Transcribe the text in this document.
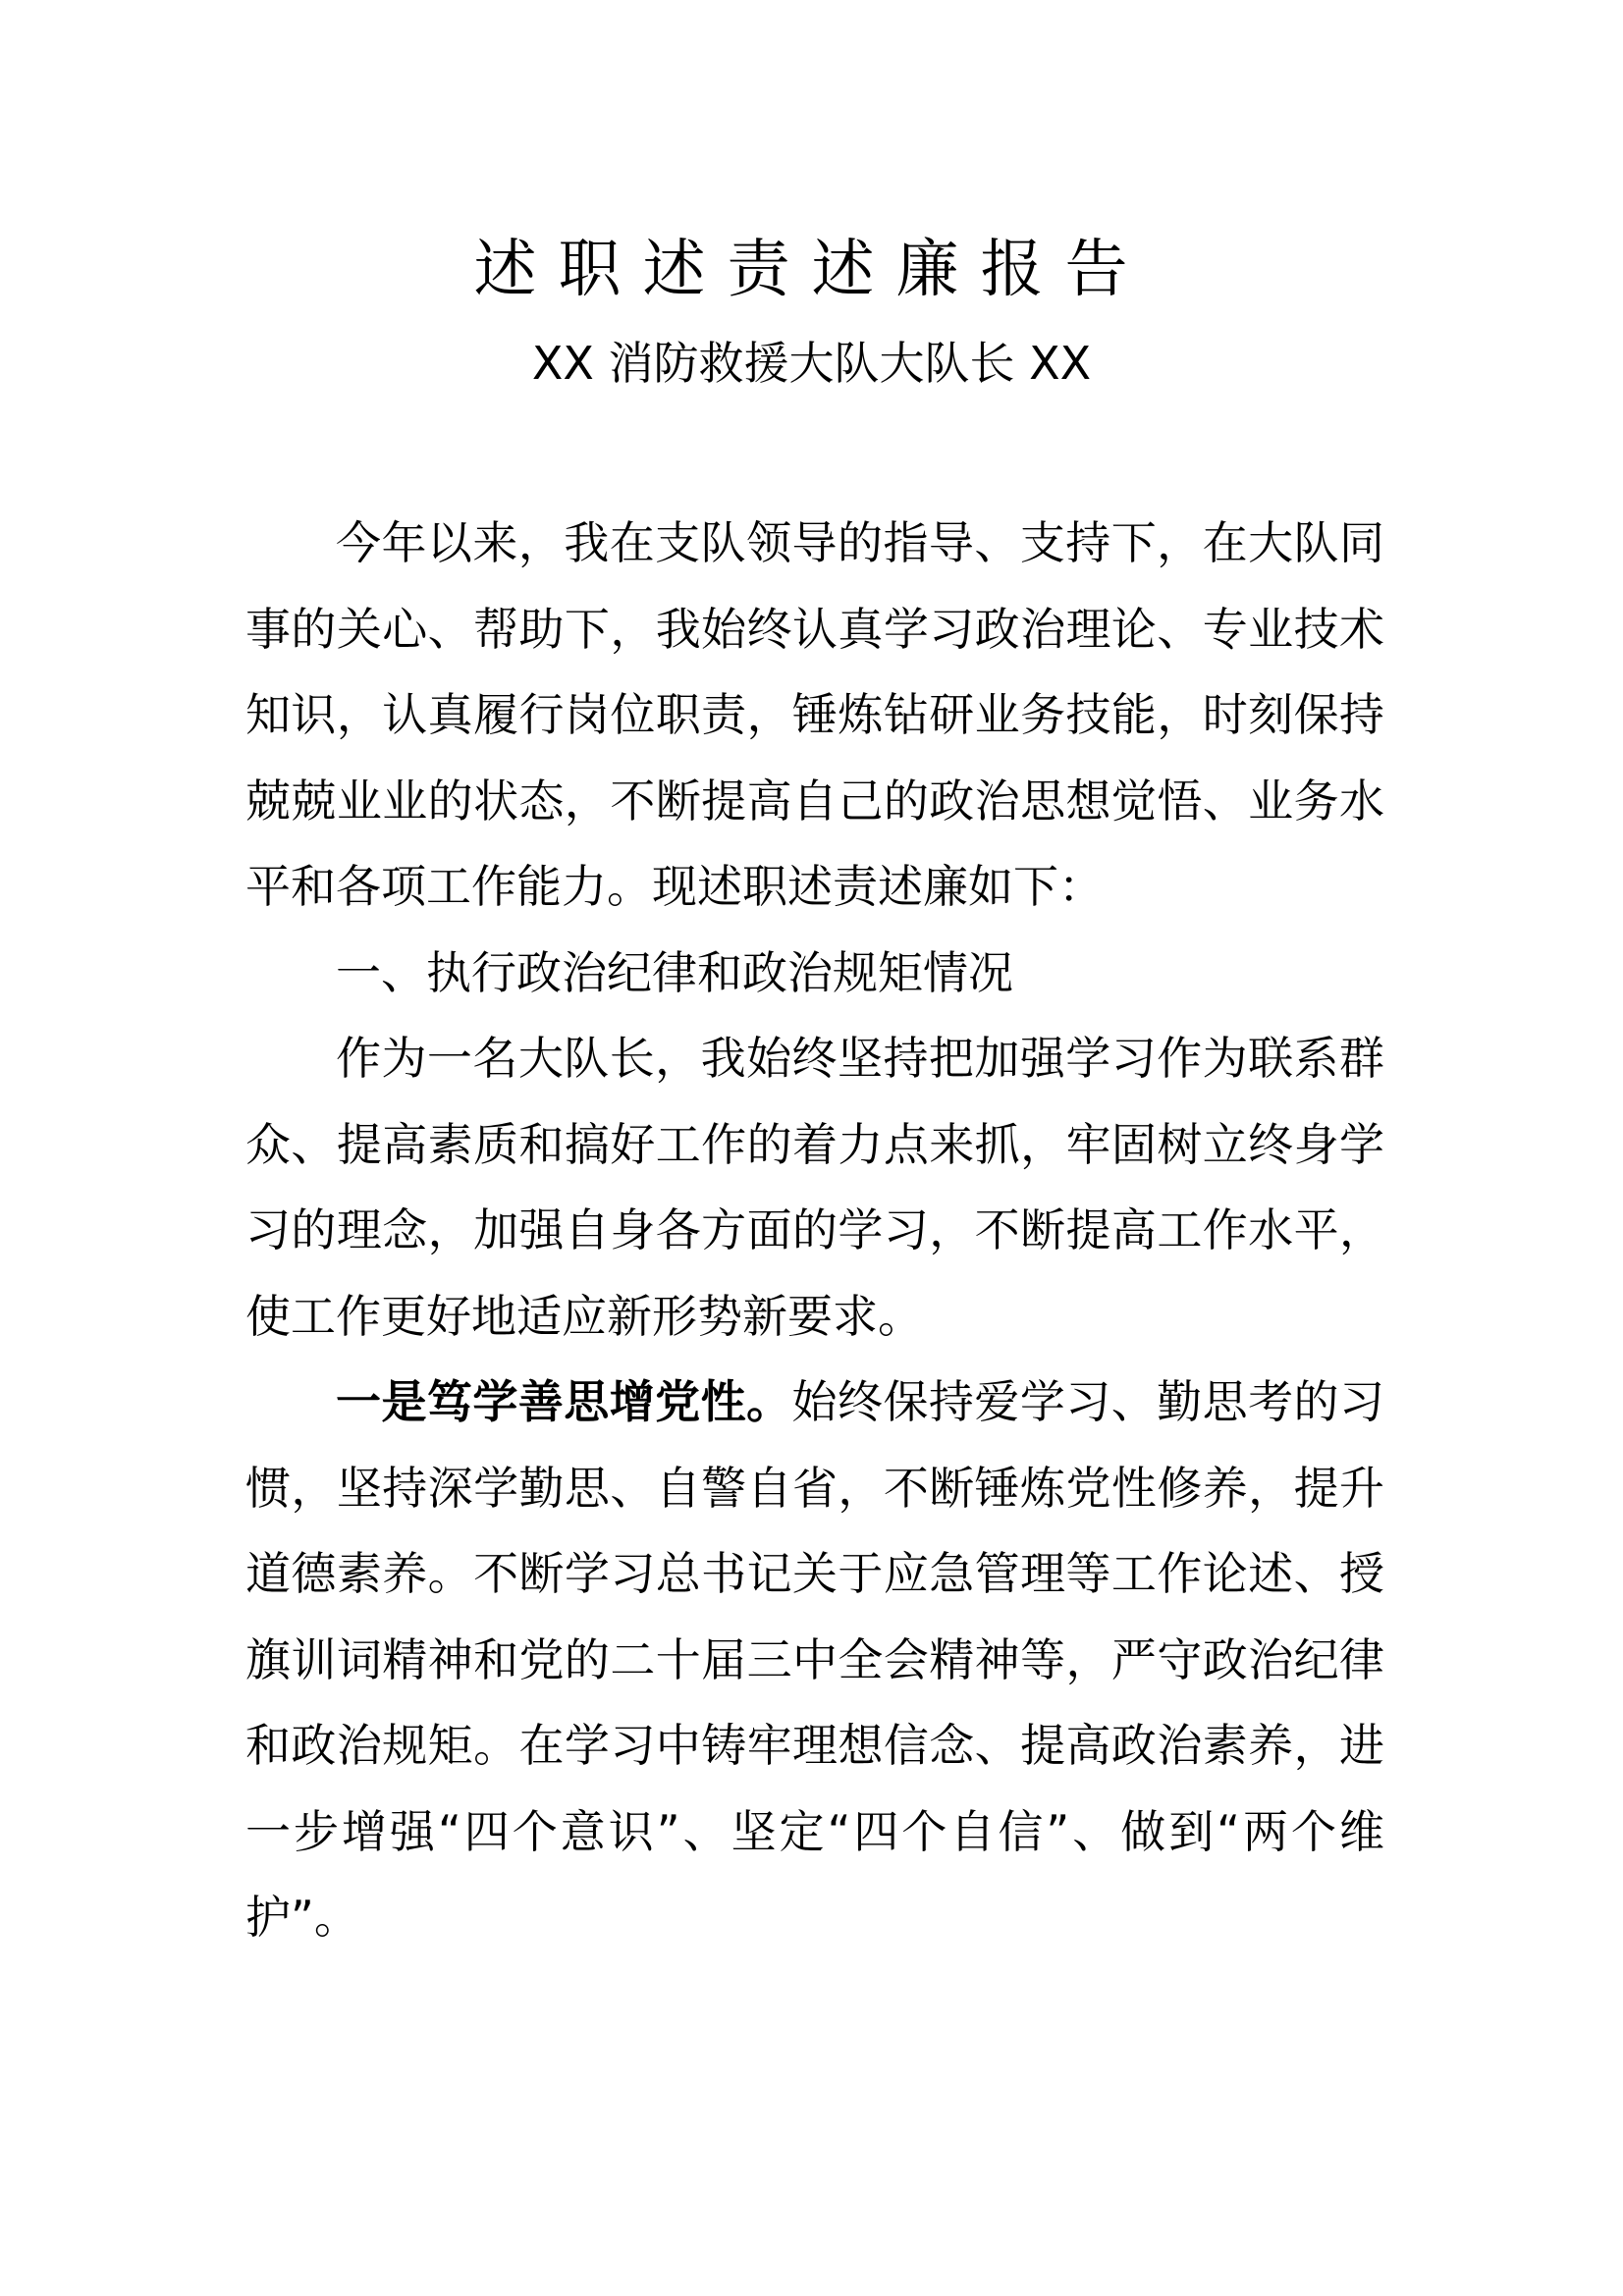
述职述责述廉报告
XX 消防救援大队大队长 XX

今年以来，我在支队领导的指导、支持下，在大队同事的关心、帮助下，我始终认真学习政治理论、专业技术知识，认真履行岗位职责，锤炼钻研业务技能，时刻保持兢兢业业的状态，不断提高自己的政治思想觉悟、业务水平和各项工作能力。现述职述责述廉如下：

一、执行政治纪律和政治规矩情况

作为一名大队长，我始终坚持把加强学习作为联系群众、提高素质和搞好工作的着力点来抓，牢固树立终身学习的理念，加强自身各方面的学习，不断提高工作水平，使工作更好地适应新形势新要求。

一是笃学善思增党性。始终保持爱学习、勤思考的习惯，坚持深学勤思、自警自省，不断锤炼党性修养，提升道德素养。不断学习总书记关于应急管理等工作论述、授旗训词精神和党的二十届三中全会精神等，严守政治纪律和政治规矩。在学习中铸牢理想信念、提高政治素养，进一步增强“四个意识”、坚定“四个自信”、做到“两个维护”。
